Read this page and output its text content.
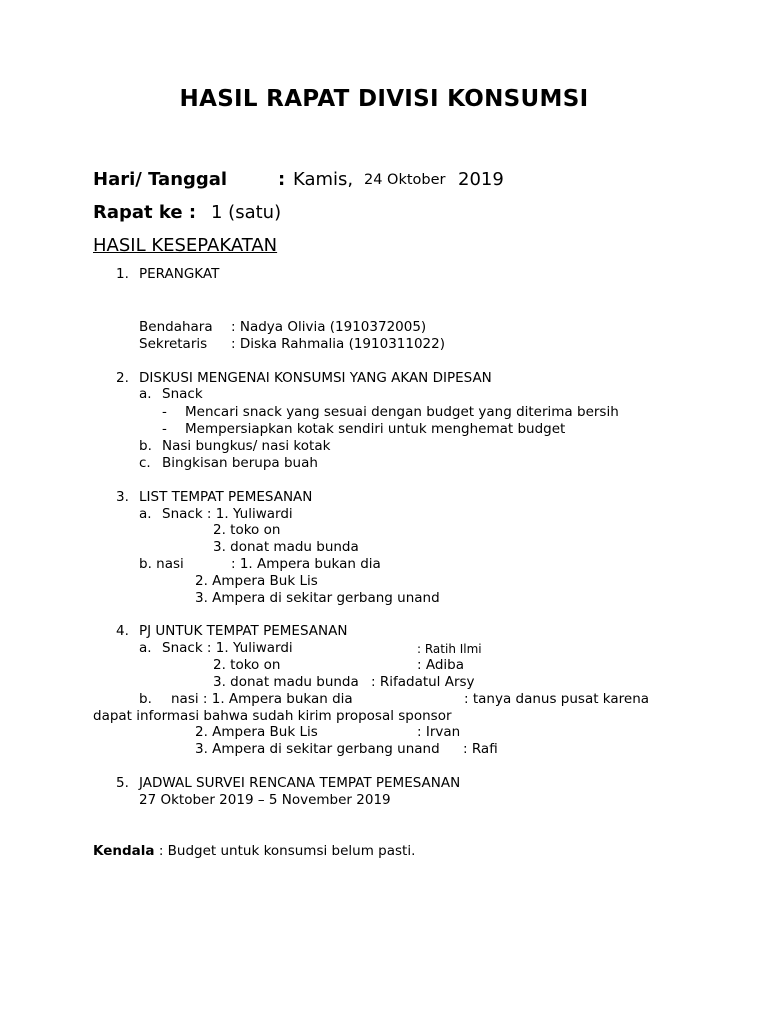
HASIL RAPAT DIVISI KONSUMSI
Hari/ Tanggal	: Kamis, 24 Oktober 2019
Rapat ke : 1 (satu)
HASIL KESEPAKATAN
1. PERANGKAT
Bendahara : Nadya Olivia (1910372005)
Sekretaris : Diska Rahmalia (1910311022)
2. DISKUSI MENGENAI KONSUMSI YANG AKAN DIPESAN
a. Snack
- Mencari snack yang sesuai dengan budget yang diterima bersih
- Mempersiapkan kotak sendiri untuk menghemat budget
b. Nasi bungkus/ nasi kotak
c. Bingkisan berupa buah
3. LIST TEMPAT PEMESANAN
a. Snack : 1. Yuliwardi
2. toko on
3. donat madu bunda
b. nasi	: 1. Ampera bukan dia
2. Ampera Buk Lis
3. Ampera di sekitar gerbang unand
4. PJ UNTUK TEMPAT PEMESANAN
a. Snack : 1. Yuliwardi	: Ratih Ilmi
2. toko on	: Adiba
3. donat madu bunda : Rifadatul Arsy
b. nasi : 1. Ampera bukan dia	: tanya danus pusat karena
dapat informasi bahwa sudah kirim proposal sponsor
2. Ampera Buk Lis	: Irvan
3. Ampera di sekitar gerbang unand : Rafi
5. JADWAL SURVEI RENCANA TEMPAT PEMESANAN
27 Oktober 2019 – 5 November 2019
Kendala : Budget untuk konsumsi belum pasti.
